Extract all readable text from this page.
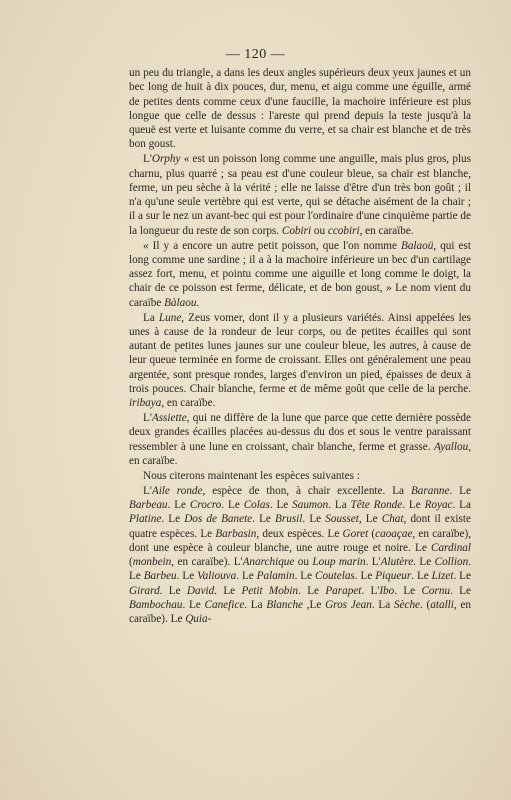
— 120 —

un peu du triangle, a dans les deux angles supérieurs deux yeux jaunes et un bec long de huit à dix pouces, dur, menu, et aigu comme une éguille, armé de petites dents comme ceux d'une faucille, la machoire inférieure est plus longue que celle de dessus : l'areste qui prend depuis la teste jusqu'à la queuë est verte et luisante comme du verre, et sa chair est blanche et de très bon goust.

L'Orphy « est un poisson long comme une anguille, mais plus gros, plus charnu, plus quarré ; sa peau est d'une couleur bleue, sa chair est blanche, ferme, un peu sèche à la vérité ; elle ne laisse d'être d'un très bon goût ; il n'a qu'une seule vertèbre qui est verte, qui se détache aisément de la chair ; il a sur le nez un avant-bec qui est pour l'ordinaire d'une cinquième partie de la longueur du reste de son corps. Cobiri ou ccobiri, en caraïbe.

« Il y a encore un autre petit poisson, que l'on nomme Balaoü, qui est long comme une sardine ; il a à la machoire inférieure un bec d'un cartilage assez fort, menu, et pointu comme une aiguille et long comme le doigt, la chair de ce poisson est ferme, délicate, et de bon goust, » Le nom vient du caraïbe Bàlaou.

La Lune, Zeus vomer, dont il y a plusieurs variétés. Ainsi appelées les unes à cause de la rondeur de leur corps, ou de petites écailles qui sont autant de petites lunes jaunes sur une couleur bleue, les autres, à cause de leur queue terminée en forme de croissant. Elles ont généralement une peau argentée, sont presque rondes, larges d'environ un pied, épaisses de deux à trois pouces. Chair blanche, ferme et de même goût que celle de la perche. iribaya, en caraïbe.

L'Assiette, qui ne diffère de la lune que parce que cette dernière possède deux grandes écailles placées au-dessus du dos et sous le ventre paraissant ressembler à une lune en croissant, chair blanche, ferme et grasse. Ayallou, en caraïbe.

Nous citerons maintenant les espèces suivantes :

L'Aile ronde, espèce de thon, à chair excellente. La Baranne. Le Barbeau. Le Crocro. Le Colas. Le Saumon. La Tête Ronde. Le Royac. La Platine. Le Dos de Banete. Le Brusil. Le Sousset, Le Chat, dont il existe quatre espèces. Le Barbasin, deux espèces. Le Goret (caoaçae, en caraïbe), dont une espèce à couleur blanche, une autre rouge et noire. Le Cardinal (monbein, en caraïbe). L'Anarchique ou Loup marin. L'Alutère. Le Collion. Le Barbeu. Le Valiouva. Le Palamin. Le Coutelas. Le Piqueur. Le Lizet. Le Girard. Le David. Le Petit Mobin. Le Parapet. L'Ibo. Le Cornu. Le Bambochau. Le Canefice. La Blanche ,Le Gros Jean. La Sèche. (atalli, en caraïbe). Le Quia-
